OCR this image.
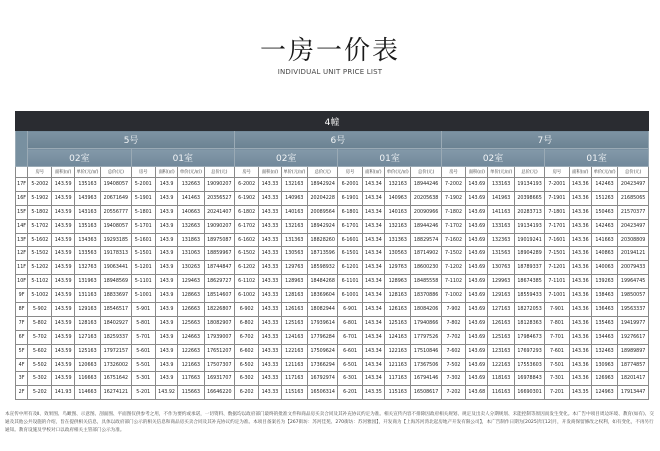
一房一价表
INDIVIDUAL UNIT PRICE LIST
4幢																								
	5号								6号								7号							
	02室				01室				02室				01室				02室				01室			
	房号	面积(㎡)	单价(元/㎡)	总价(元)	房号	面积(㎡)	单价(元/㎡)	总价(元)	房号	面积(㎡)	单价(元/㎡)	总价(元)	房号	面积(㎡)	单价(元/㎡)	总价(元)	房号	面积(㎡)	单价(元/㎡)	总价(元)	房号	面积(㎡)	单价(元/㎡)	总价(元)
17F	5-2002	143.59	135163	19408057	5-2001	143.9	132663	19090207	6-2002	143.33	132163	18942924	6-2001	143.34	132163	18944246	7-2002	143.69	133163	19134193	7-2001	143.36	142463	20423497
16F	5-1902	143.59	143963	20671649	5-1901	143.9	141463	20356527	6-1902	143.33	140963	20204228	6-1901	143.34	140963	20205638	7-1902	143.69	141963	20398665	7-1901	143.36	151263	21685065
15F	5-1802	143.59	143163	20556777	5-1801	143.9	140663	20241407	6-1802	143.33	140163	20089564	6-1801	143.34	140163	20090966	7-1802	143.69	141163	20283713	7-1801	143.36	150463	21570377
14F	5-1702	143.59	135163	19408057	5-1701	143.9	132663	19090207	6-1702	143.33	132163	18942924	6-1701	143.34	132163	18944246	7-1702	143.69	133163	19134193	7-1701	143.36	142463	20423497
13F	5-1602	143.59	134363	19293185	5-1601	143.9	131863	18975087	6-1602	143.33	131363	18828260	6-1601	143.34	131363	18829574	7-1602	143.69	132363	19019241	7-1601	143.36	141663	20308809
12F	5-1502	143.59	133563	19178313	5-1501	143.9	131063	18859967	6-1502	143.33	130563	18713596	6-1501	143.34	130563	18714902	7-1502	143.69	131563	18904289	7-1501	143.36	140863	20194121
11F	5-1202	143.59	132763	19063441	5-1201	143.9	130263	18744847	6-1202	143.33	129763	18598932	6-1201	143.34	129763	18600230	7-1202	143.69	130763	18789337	7-1201	143.36	140063	20079433
10F	5-1102	143.59	131963	18948569	5-1101	143.9	129463	18629727	6-1102	143.33	128963	18484268	6-1101	143.34	128963	18485558	7-1102	143.69	129963	18674385	7-1101	143.36	139263	19964745
9F	5-1002	143.59	131163	18833697	5-1001	143.9	128663	18514607	6-1002	143.33	128163	18369604	6-1001	143.34	128163	18370886	7-1002	143.69	129163	18559433	7-1001	143.36	138463	19850057
8F	5-902	143.59	129163	18546517	5-901	143.9	126663	18226807	6-902	143.33	126163	18082944	6-901	143.34	126163	18084206	7-902	143.69	127163	18272053	7-901	143.36	136463	19563337
7F	5-802	143.59	128163	18402927	5-801	143.9	125663	18082907	6-802	143.33	125163	17939614	6-801	143.34	125163	17940866	7-802	143.69	126163	18128363	7-801	143.36	135463	19419977
6F	5-702	143.59	127163	18259337	5-701	143.9	124663	17939007	6-702	143.33	124163	17796284	6-701	143.34	124163	17797526	7-702	143.69	125163	17984673	7-701	143.36	134463	19276617
5F	5-602	143.59	125163	17972157	5-601	143.9	122663	17651207	6-602	143.33	122163	17509624	6-601	143.34	122163	17510846	7-602	143.69	123163	17697293	7-601	143.36	132463	18989897
4F	5-502	143.59	120663	17326002	5-501	143.9	121663	17507307	6-502	143.33	121163	17366294	6-501	143.34	121163	17367506	7-502	143.69	122163	17553603	7-501	143.36	130963	18774857
3F	5-302	143.59	116663	16751642	5-301	143.9	117663	16931707	6-302	143.33	117163	16792974	6-301	143.34	117163	16794146	7-302	143.69	118163	16978843	7-301	143.36	126963	18201417
2F	5-202	141.93	114663	16274121	5-201	143.92	115663	16646220	6-202	143.33	115163	16506314	6-201	143.35	115163	16508617	7-202	143.68	116163	16690301	7-201	143.35	124963	17913447
本宣传中所有及Ⅱ、效果图、鸟瞰图、示意图、剖面图、平面图仅供参考之用，不作为要约或承诺，一切资料、数据均以政府部门最终的批准文件和商品房买卖合同及其补充协议约定为准。相关宣传内容不排除因政府相关规划、规定及出卖人分期规划、未能控制等原因而发生变化。本广告中项目周边环境、教育(如有)、交通及其他公共设施的介绍，旨在提供相关信息，具体以政府部门公示的相关信息和商品房买卖合同及其补充协议约定为准。本项目备案名为【267街坊：苏河佳苑、270街坊：苏河雅园】，开发商为【上海苏河湾北起房地产开发有限公司】，本广告制作日期为[2025]年[12]月，开发商保留修改之权利，如有变化，不再另行通知。教育设施及学校对口以政府相关主管部门公示为准。
